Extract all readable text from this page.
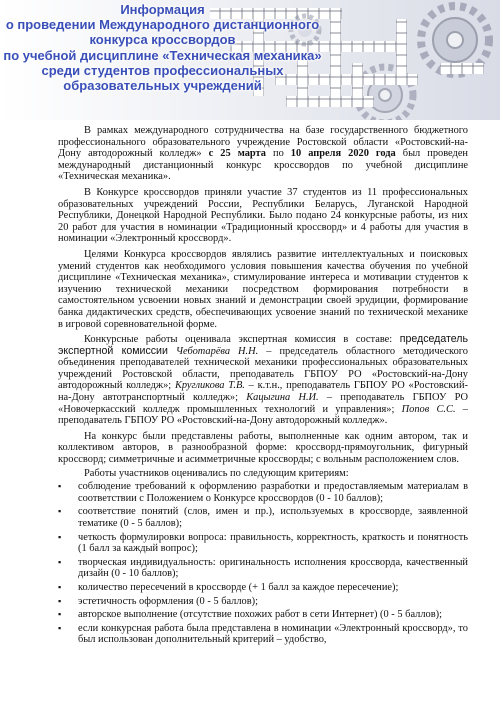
Информация
о проведении Международного дистанционного
конкурса кроссвордов
по учебной дисциплине «Техническая механика»
среди студентов профессиональных
образовательных учреждений

В рамках международного сотрудничества на базе государственного бюджетного профессионального образовательного учреждение Ростовской области «Ростовский-на-Дону автодорожный колледж» с 25 марта по 10 апреля 2020 года был проведен международный дистанционный конкурс кроссвордов по учебной дисциплине «Техническая механика».

В Конкурсе кроссвордов приняли участие 37 студентов из 11 профессиональных образовательных учреждений России, Республики Беларусь, Луганской Народной Республики, Донецкой Народной Республики. Было подано 24 конкурсные работы, из них 20 работ для участия в номинации «Традиционный кроссворд» и 4 работы для участия в номинации «Электронный кроссворд».

Целями Конкурса кроссвордов являлись развитие интеллектуальных и поисковых умений студентов как необходимого условия повышения качества обучения по учебной дисциплине «Техническая механика», стимулирование интереса и мотивации студентов к изучению технической механики посредством формирования потребности в самостоятельном усвоении новых знаний и демонстрации своей эрудиции, формирование банка дидактических средств, обеспечивающих усвоение знаний по технической механике в игровой соревновательной форме.

Конкурсные работы оценивала экспертная комиссия в составе: председатель экспертной комиссии Чеботарёва Н.Н. – председатель областного методического объединения преподавателей технической механики профессиональных образовательных учреждений Ростовской области, преподаватель ГБПОУ РО «Ростовский-на-Дону автодорожный колледж»; Кругликова Т.В. – к.т.н., преподаватель ГБПОУ РО «Ростовский-на-Дону автотранспортный колледж»; Кацыгина Н.И. – преподаватель ГБПОУ РО «Новочеркасский колледж промышленных технологий и управления»; Попов С.С. – преподаватель ГБПОУ РО «Ростовский-на-Дону автодорожный колледж».

На конкурс были представлены работы, выполненные как одним автором, так и коллективом авторов, в разнообразной форме: кроссворд-прямоугольник, фигурный кроссворд; симметричные и асимметричные кроссворды; с вольным расположением слов.

Работы участников оценивались по следующим критериям:

▪ соблюдение требований к оформлению разработки и предоставляемым материалам в соответствии с Положением о Конкурсе кроссвордов (0 - 10 баллов);
▪ соответствие понятий (слов, имен и пр.), используемых в кроссворде, заявленной тематике (0 - 5 баллов);
▪ четкость формулировки вопроса: правильность, корректность, краткость и понятность (1 балл за каждый вопрос);
▪ творческая индивидуальность: оригинальность исполнения кроссворда, качественный дизайн (0 - 10 баллов);
▪ количество пересечений в кроссворде (+ 1 балл за каждое пересечение);
▪ эстетичность оформления (0 - 5 баллов);
▪ авторское выполнение (отсутствие похожих работ в сети Интернет) (0 - 5 баллов);
▪ если конкурсная работа была представлена в номинации «Электронный кроссворд», то был использован дополнительный критерий – удобство,
